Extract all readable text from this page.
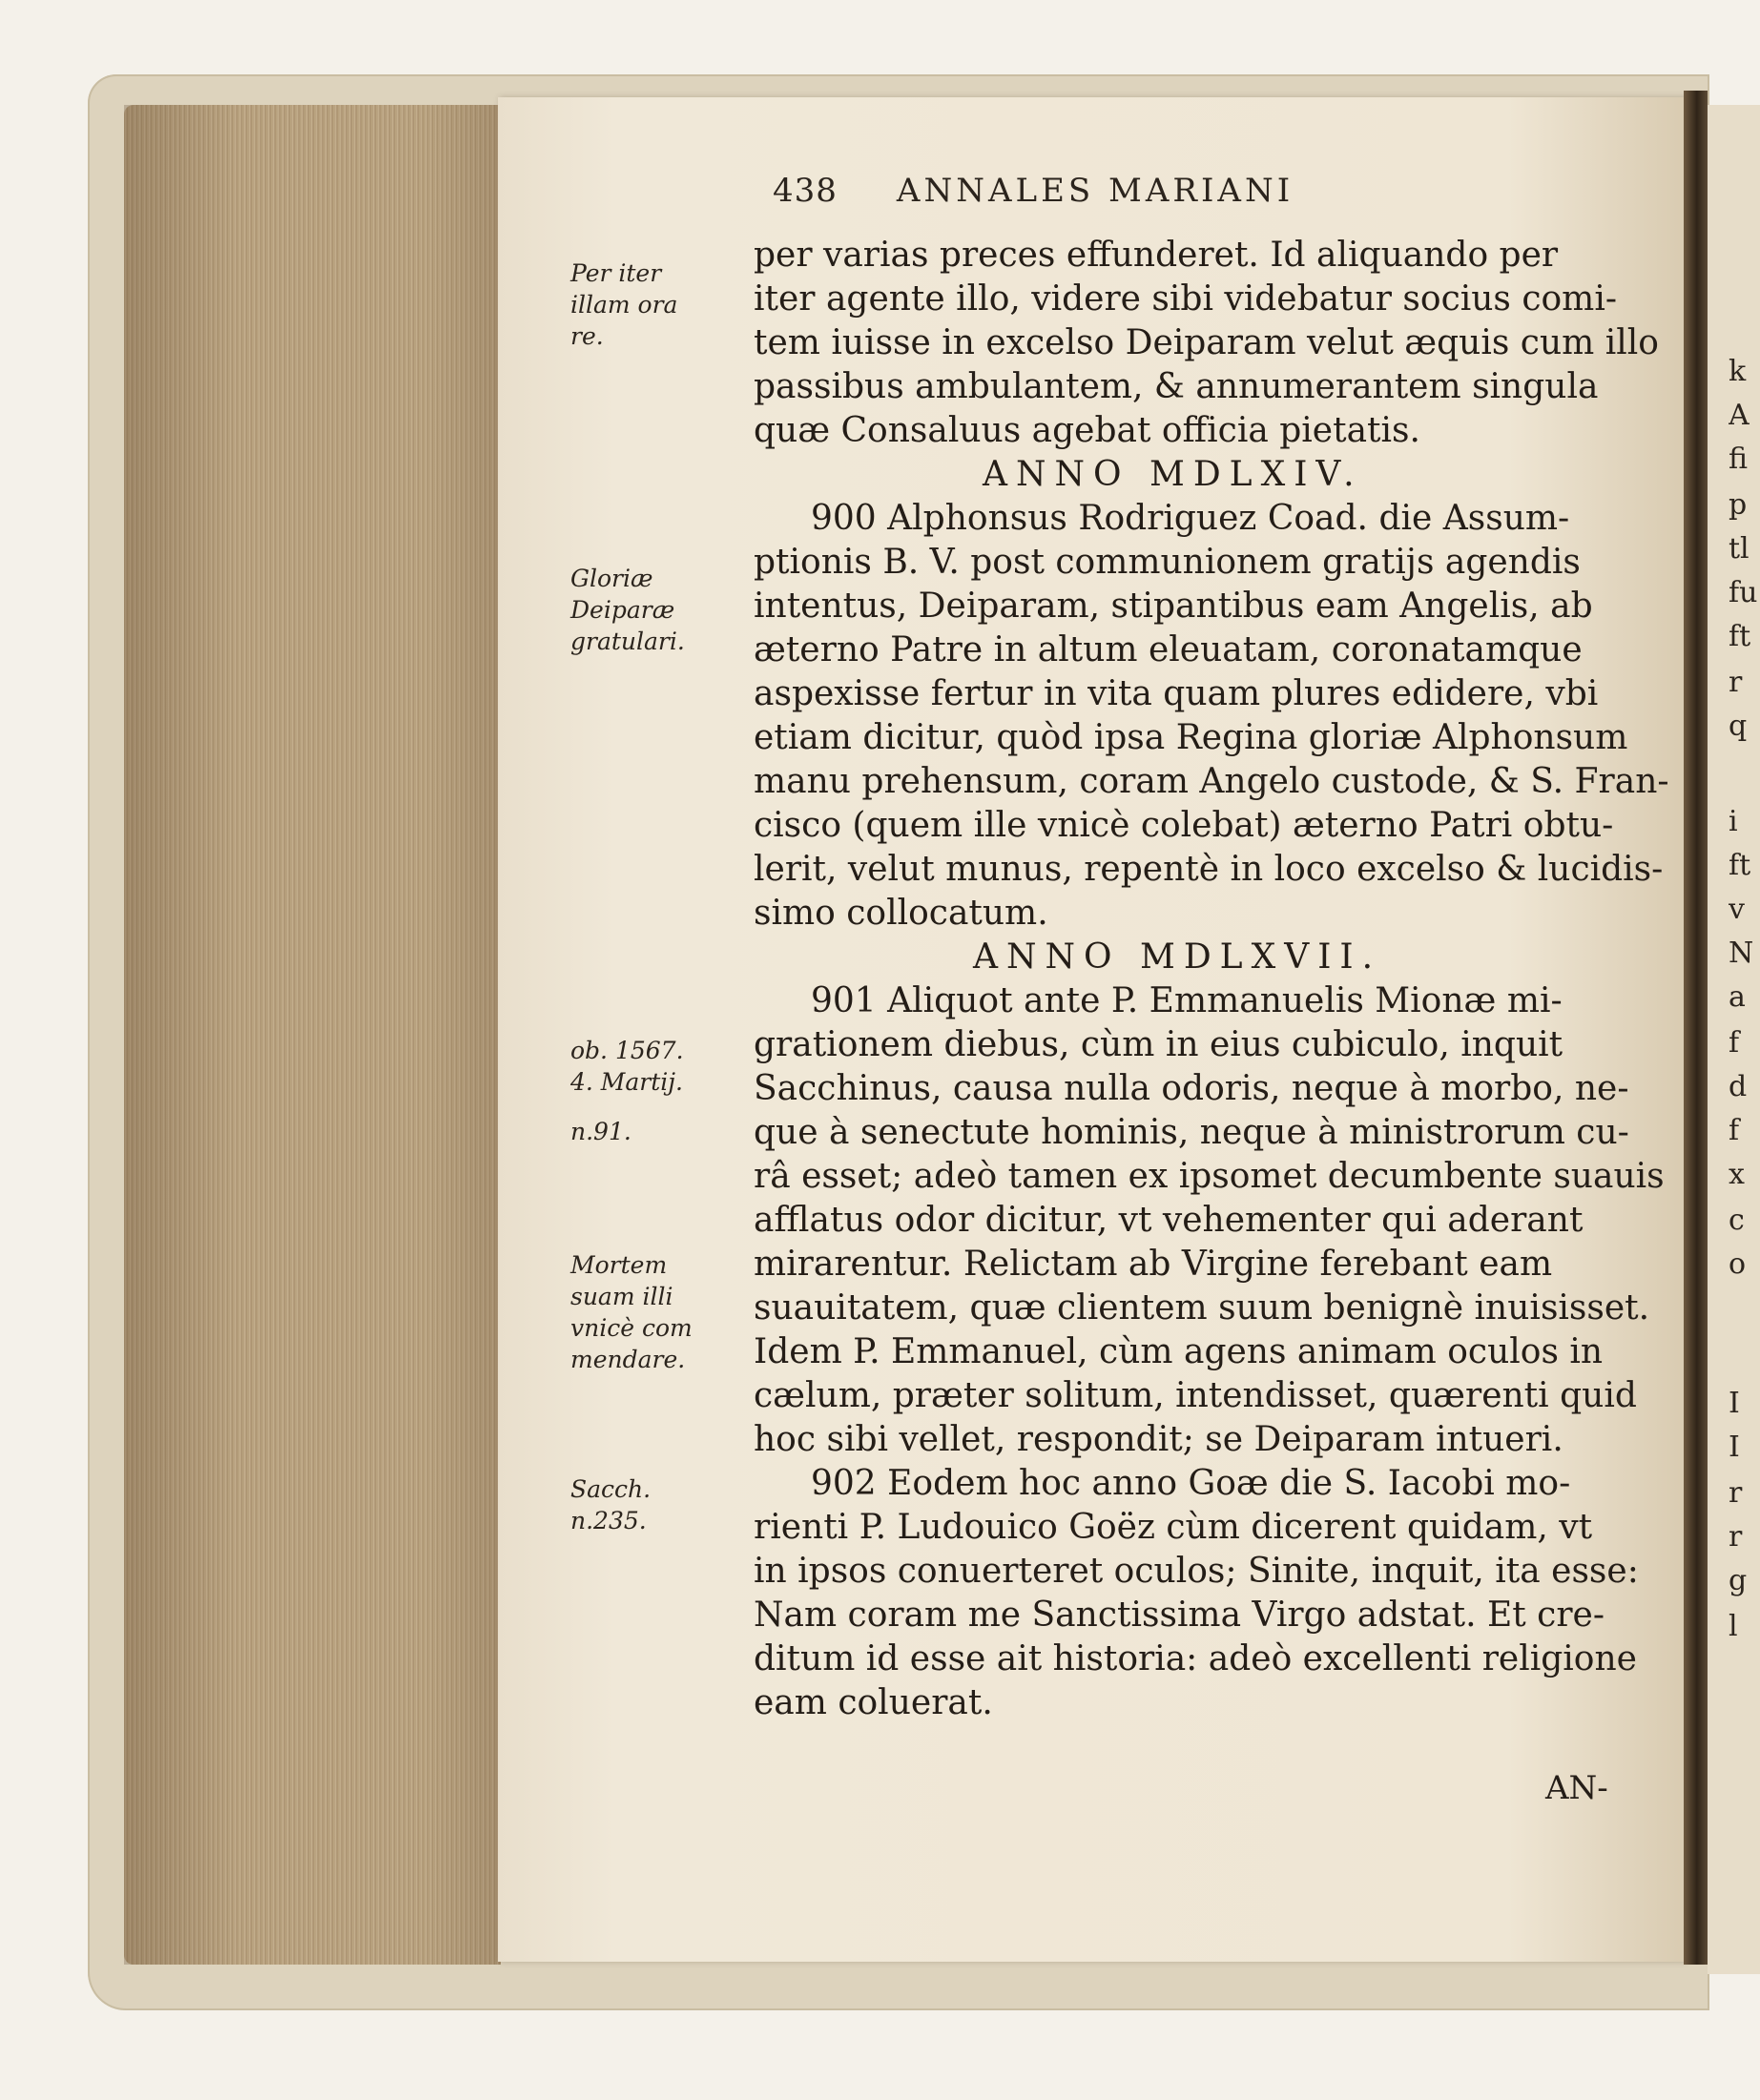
k
A
fi
p
tl
fu
ft
r
q
i
ft
v
N
a
f
d
f
x
c
o
I
I
r
r
g
l
438 ANNALES MARIANI
per varias preces effunderet. Id aliquando per
iter agente illo, videre sibi videbatur socius comi-
tem iuisse in excelso Deiparam velut æquis cum illo
passibus ambulantem, & annumerantem singula
quæ Consaluus agebat officia pietatis.
ANNO MDLXIV.
900 Alphonsus Rodriguez Coad. die Assum-
ptionis B. V. post communionem gratijs agendis
intentus, Deiparam, stipantibus eam Angelis, ab
æterno Patre in altum eleuatam, coronatamque
aspexisse fertur in vita quam plures edidere, vbi
etiam dicitur, quòd ipsa Regina gloriæ Alphonsum
manu prehensum, coram Angelo custode, & S. Fran-
cisco (quem ille vnicè colebat) æterno Patri obtu-
lerit, velut munus, repentè in loco excelso & lucidis-
simo collocatum.
ANNO MDLXVII.
901 Aliquot ante P. Emmanuelis Mionæ mi-
grationem diebus, cùm in eius cubiculo, inquit
Sacchinus, causa nulla odoris, neque à morbo, ne-
que à senectute hominis, neque à ministrorum cu-
râ esset; adeò tamen ex ipsomet decumbente suauis
afflatus odor dicitur, vt vehementer qui aderant
mirarentur. Relictam ab Virgine ferebant eam
suauitatem, quæ clientem suum benignè inuisisset.
Idem P. Emmanuel, cùm agens animam oculos in
cælum, præter solitum, intendisset, quærenti quid
hoc sibi vellet, respondit; se Deiparam intueri.
902 Eodem hoc anno Goæ die S. Iacobi mo-
rienti P. Ludouico Goëz cùm dicerent quidam, vt
in ipsos conuerteret oculos; Sinite, inquit, ita esse:
Nam coram me Sanctissima Virgo adstat. Et cre-
ditum id esse ait historia: adeò excellenti religione
eam coluerat.
Per iter
illam ora
re.
Gloriæ
Deiparæ
gratulari.
ob. 1567.
4. Martij.
n.91.
Mortem
suam illi
vnicè com
mendare.
Sacch.
n.235.
AN-
